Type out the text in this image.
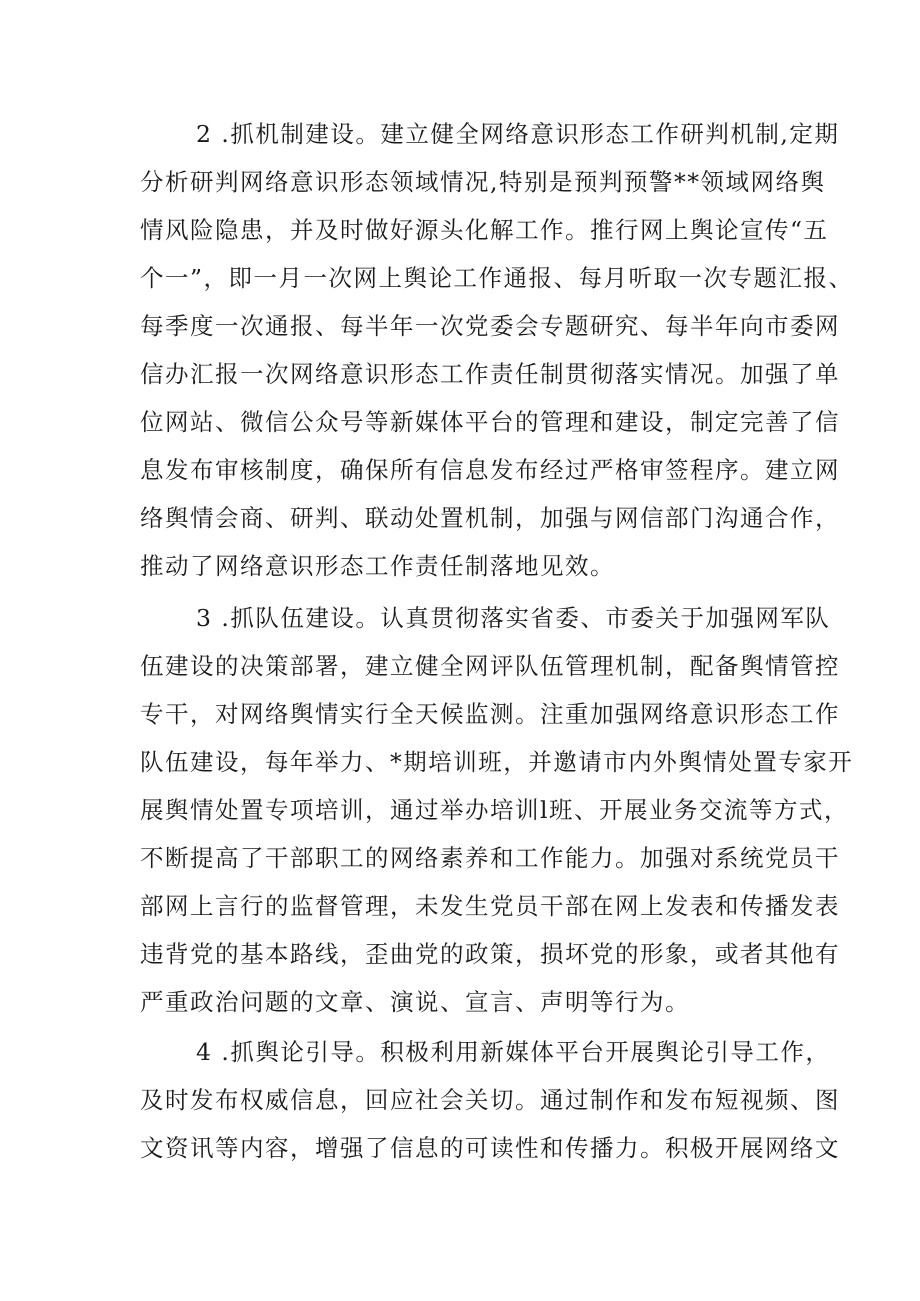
2 .抓机制建设。建立健全网络意识形态工作研判机制,定期
分析研判网络意识形态领域情况,特别是预判预警**领域网络舆
情风险隐患，并及时做好源头化解工作。推行网上舆论宣传“五
个一”，即一月一次网上舆论工作通报、每月听取一次专题汇报、
每季度一次通报、每半年一次党委会专题研究、每半年向市委网
信办汇报一次网络意识形态工作责任制贯彻落实情况。加强了单
位网站、微信公众号等新媒体平台的管理和建设，制定完善了信
息发布审核制度，确保所有信息发布经过严格审签程序。建立网
络舆情会商、研判、联动处置机制，加强与网信部门沟通合作，
推动了网络意识形态工作责任制落地见效。
3 .抓队伍建设。认真贯彻落实省委、市委关于加强网军队
伍建设的决策部署，建立健全网评队伍管理机制，配备舆情管控
专干，对网络舆情实行全天候监测。注重加强网络意识形态工作
队伍建设，每年举力、*期培训班，并邀请市内外舆情处置专家开
展舆情处置专项培训，通过举办培训l班、开展业务交流等方式，
不断提高了干部职工的网络素养和工作能力。加强对系统党员干
部网上言行的监督管理，未发生党员干部在网上发表和传播发表
违背党的基本路线，歪曲党的政策，损坏党的形象，或者其他有
严重政治问题的文章、演说、宣言、声明等行为。
4 .抓舆论引导。积极利用新媒体平台开展舆论引导工作，
及时发布权威信息，回应社会关切。通过制作和发布短视频、图
文资讯等内容，增强了信息的可读性和传播力。积极开展网络文
